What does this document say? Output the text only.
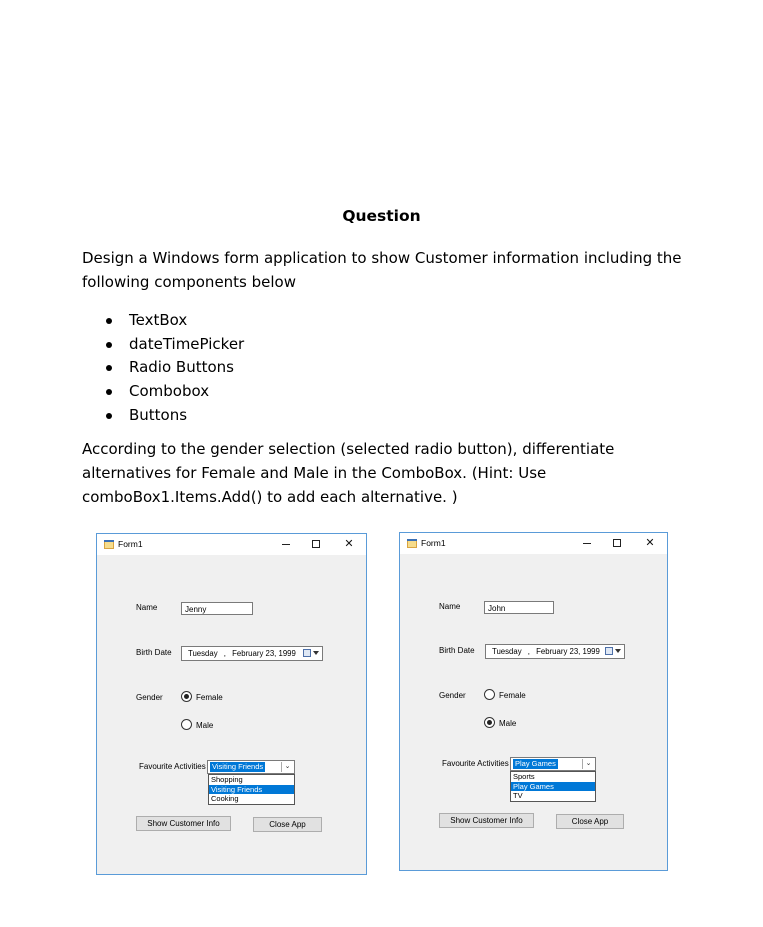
Question
Design a Windows form application to show Customer information including the following components below
TextBox
dateTimePicker
Radio Buttons
Combobox
Buttons
According to the gender selection (selected radio button), differentiate alternatives for Female and Male in the ComboBox. (Hint: Use comboBox1.Items.Add() to add each alternative. )
Form1	✕
Name	Jenny
Birth Date	Tuesday , February 23, 1999
Gender	Female
Male
Favourite Activities Visiting Friends	⌄
Shopping
Visiting Friends
Cooking
Show Customer Info	Close App
Form1	✕
Name	John
Birth Date	Tuesday , February 23, 1999
Gender	Female
Male
Favourite Activities Play Games	⌄
Sports
Play Games
TV
Show Customer Info	Close App
